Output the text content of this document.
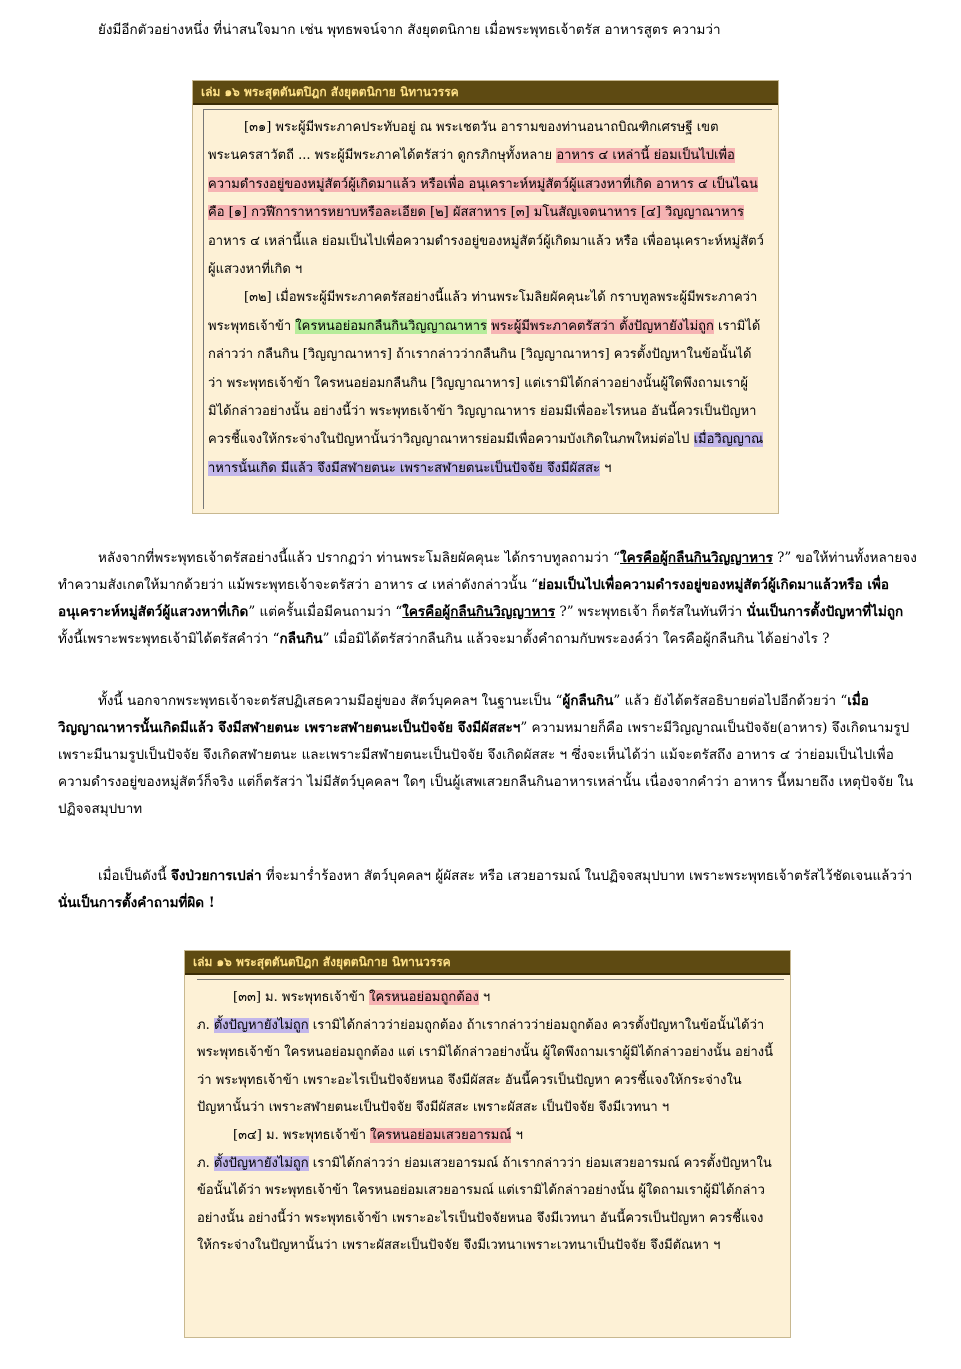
ยังมีอีกตัวอย่างหนึ่ง ที่น่าสนใจมาก เช่น พุทธพจน์จาก สังยุตตนิกาย เมื่อพระพุทธเจ้าตรัส อาหารสูตร ความว่า

เล่ม ๑๖ พระสุตตันตปิฎก สังยุตตนิกาย นิทานวรรค

[๓๑] พระผู้มีพระภาคประทับอยู่ ณ พระเชตวัน อารามของท่านอนาถบิณฑิกเศรษฐี เขตพระนครสาวัตถี ... พระผู้มีพระภาคได้ตรัสว่า ดูกรภิกษุทั้งหลาย อาหาร ๔ เหล่านี้ ย่อมเป็นไปเพื่อความดำรงอยู่ของหมู่สัตว์ผู้เกิดมาแล้ว หรือเพื่อ อนุเคราะห์หมู่สัตว์ผู้แสวงหาที่เกิด อาหาร ๔ เป็นไฉน คือ [๑] กวฬีการาหารหยาบหรือละเอียด [๒] ผัสสาหาร [๓] มโนสัญเจตนาหาร [๔] วิญญาณาหาร อาหาร ๔ เหล่านี้แล ย่อมเป็นไปเพื่อความดำรงอยู่ของหมู่สัตว์ผู้เกิดมาแล้ว หรือ เพื่ออนุเคราะห์หมู่สัตว์ผู้แสวงหาที่เกิด ฯ

[๓๒] เมื่อพระผู้มีพระภาคตรัสอย่างนี้แล้ว ท่านพระโมลิยผัคคุนะได้ กราบทูลพระผู้มีพระภาคว่า พระพุทธเจ้าข้า ใครหนอย่อมกลืนกินวิญญาณาหาร พระผู้มีพระภาคตรัสว่า ตั้งปัญหายังไม่ถูก เรามิได้กล่าวว่า กลืนกิน [วิญญาณาหาร] ถ้าเรากล่าวว่ากลืนกิน [วิญญาณาหาร] ควรตั้งปัญหาในข้อนั้นได้ว่า พระพุทธเจ้าข้า ใครหนอย่อมกลืนกิน [วิญญาณาหาร] แต่เรามิได้กล่าวอย่างนั้นผู้ใดพึงถามเราผู้มิได้กล่าวอย่างนั้น อย่างนี้ว่า พระพุทธเจ้าข้า วิญญาณาหาร ย่อมมีเพื่ออะไรหนอ อันนี้ควรเป็นปัญหา ควรชี้แจงให้กระจ่างในปัญหานั้นว่าวิญญาณาหารย่อมมีเพื่อความบังเกิดในภพใหม่ต่อไป เมื่อวิญญาณาหารนั้นเกิด มีแล้ว จึงมีสฬายตนะ เพราะสฬายตนะเป็นปัจจัย จึงมีผัสสะ ฯ

หลังจากที่พระพุทธเจ้าตรัสอย่างนี้แล้ว ปรากฏว่า ท่านพระโมลิยผัคคุนะ ได้กราบทูลถามว่า “ใครคือผู้กลืนกินวิญญาหาร ?” ขอให้ท่านทั้งหลายจงทำความสังเกตให้มากด้วยว่า แม้พระพุทธเจ้าจะตรัสว่า อาหาร ๔ เหล่าดังกล่าวนั้น “ย่อมเป็นไปเพื่อความดำรงอยู่ของหมู่สัตว์ผู้เกิดมาแล้วหรือ เพื่ออนุเคราะห์หมู่สัตว์ผู้แสวงหาที่เกิด” แต่ครั้นเมื่อมีคนถามว่า “ใครคือผู้กลืนกินวิญญาหาร ?” พระพุทธเจ้า ก็ตรัสในทันทีว่า นั่นเป็นการตั้งปัญหาที่ไม่ถูก ทั้งนี้เพราะพระพุทธเจ้ามิได้ตรัสคำว่า “กลืนกิน” เมื่อมิได้ตรัสว่ากลืนกิน แล้วจะมาตั้งคำถามกับพระองค์ว่า ใครคือผู้กลืนกิน ได้อย่างไร ?

ทั้งนี้ นอกจากพระพุทธเจ้าจะตรัสปฏิเสธความมีอยู่ของ สัตว์บุคคลฯ ในฐานะเป็น “ผู้กลืนกิน” แล้ว ยังได้ตรัสอธิบายต่อไปอีกด้วยว่า “เมื่อวิญญาณาหารนั้นเกิดมีแล้ว จึงมีสฬายตนะ เพราะสฬายตนะเป็นปัจจัย จึงมีผัสสะฯ” ความหมายก็คือ เพราะมีวิญญาณเป็นปัจจัย(อาหาร) จึงเกิดนามรูป เพราะมีนามรูปเป็นปัจจัย จึงเกิดสฬายตนะ และเพราะมีสฬายตนะเป็นปัจจัย จึงเกิดผัสสะ ฯ ซึ่งจะเห็นได้ว่า แม้จะตรัสถึง อาหาร ๔ ว่าย่อมเป็นไปเพื่อความดำรงอยู่ของหมู่สัตว์ก็จริง แต่ก็ตรัสว่า ไม่มีสัตว์บุคคลฯ ใดๆ เป็นผู้เสพเสวยกลืนกินอาหารเหล่านั้น เนื่องจากคำว่า อาหาร นี้หมายถึง เหตุปัจจัย ในปฏิจจสมุปบาท

เมื่อเป็นดังนี้ จึงป่วยการเปล่า ที่จะมาร่ำร้องหา สัตว์บุคคลฯ ผู้ผัสสะ หรือ เสวยอารมณ์ ในปฏิจจสมุปบาท เพราะพระพุทธเจ้าตรัสไว้ชัดเจนแล้วว่า นั่นเป็นการตั้งคำถามที่ผิด !

เล่ม ๑๖ พระสุตตันตปิฎก สังยุตตนิกาย นิทานวรรค

[๓๓] ม. พระพุทธเจ้าข้า ใครหนอย่อมถูกต้อง ฯ

ภ. ตั้งปัญหายังไม่ถูก เรามิได้กล่าวว่าย่อมถูกต้อง ถ้าเรากล่าวว่าย่อมถูกต้อง ควรตั้งปัญหาในข้อนั้นได้ว่า พระพุทธเจ้าข้า ใครหนอย่อมถูกต้อง แต่ เรามิได้กล่าวอย่างนั้น ผู้ใดพึงถามเราผู้มิได้กล่าวอย่างนั้น อย่างนี้ว่า พระพุทธเจ้าข้า เพราะอะไรเป็นปัจจัยหนอ จึงมีผัสสะ อันนี้ควรเป็นปัญหา ควรชี้แจงให้กระจ่างในปัญหานั้นว่า เพราะสฬายตนะเป็นปัจจัย จึงมีผัสสะ เพราะผัสสะ เป็นปัจจัย จึงมีเวทนา ฯ

[๓๔] ม. พระพุทธเจ้าข้า ใครหนอย่อมเสวยอารมณ์ ฯ

ภ. ตั้งปัญหายังไม่ถูก เรามิได้กล่าวว่า ย่อมเสวยอารมณ์ ถ้าเรากล่าวว่า ย่อมเสวยอารมณ์ ควรตั้งปัญหาในข้อนั้นได้ว่า พระพุทธเจ้าข้า ใครหนอย่อมเสวยอารมณ์ แต่เรามิได้กล่าวอย่างนั้น ผู้ใดถามเราผู้มิได้กล่าวอย่างนั้น อย่างนี้ว่า พระพุทธเจ้าข้า เพราะอะไรเป็นปัจจัยหนอ จึงมีเวทนา อันนี้ควรเป็นปัญหา ควรชี้แจงให้กระจ่างในปัญหานั้นว่า เพราะผัสสะเป็นปัจจัย จึงมีเวทนาเพราะเวทนาเป็นปัจจัย จึงมีตัณหา ฯ
